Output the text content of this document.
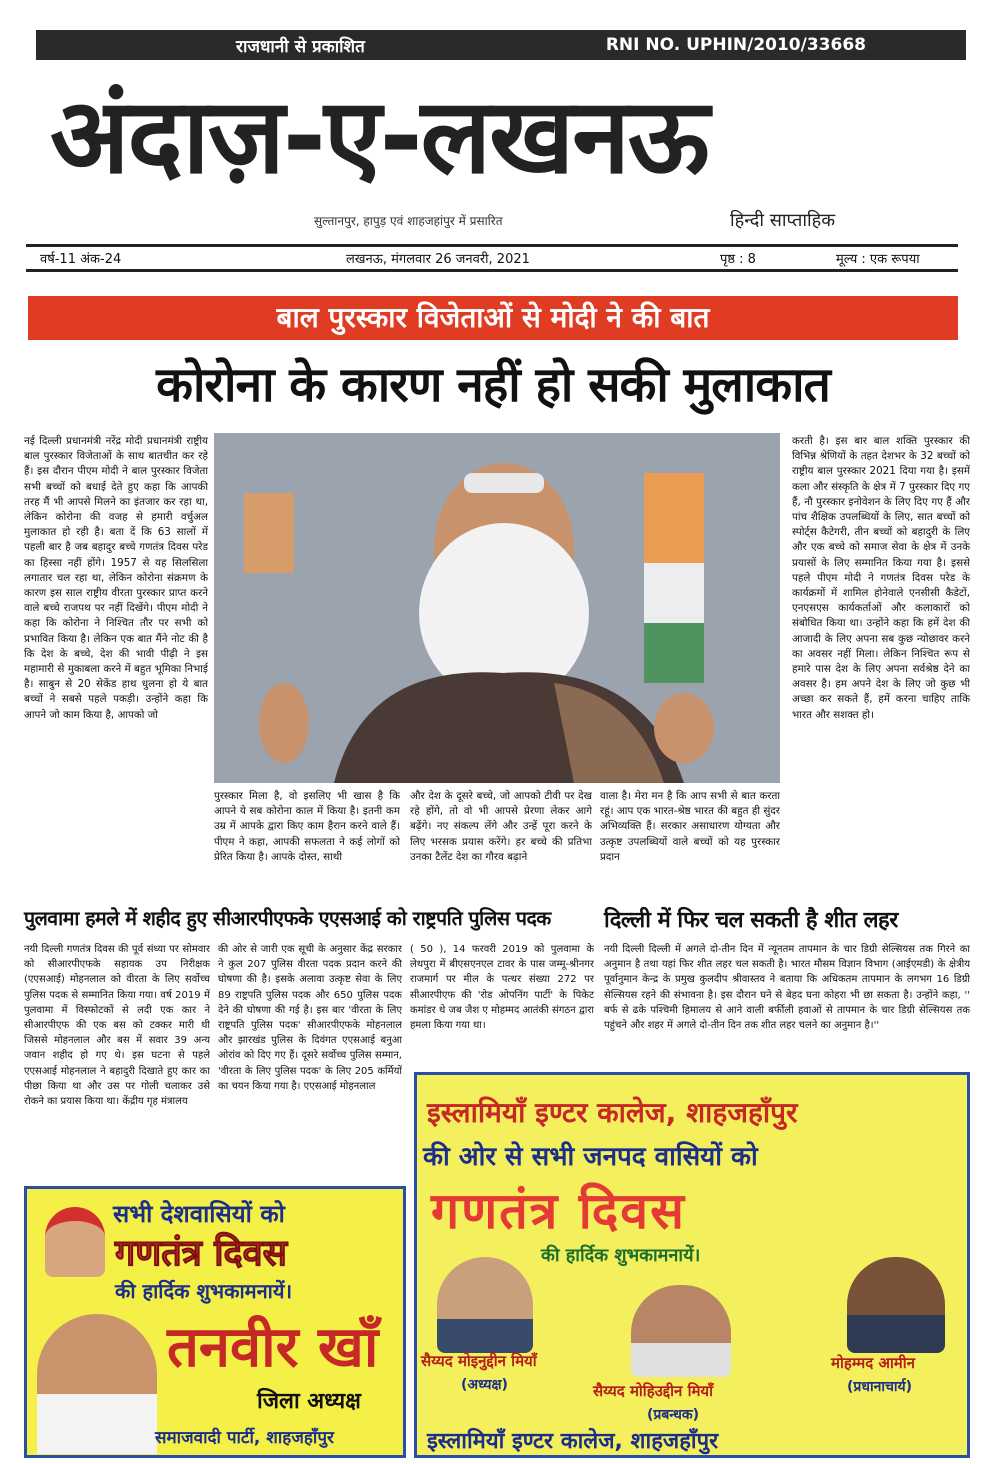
राजधानी से प्रकाशित	RNI NO. UPHIN/2010/33668
अंदाज़-ए-लखनऊ
सुल्तानपुर, हापुड़ एवं शाहजहांपुर में प्रसारित	हिन्दी साप्ताहिक
वर्ष-11 अंक-24	लखनऊ, मंगलवार 26 जनवरी, 2021	पृष्ठ : 8	मूल्य : एक रूपया
बाल पुरस्कार विजेताओं से मोदी ने की बात
कोरोना के कारण नहीं हो सकी मुलाकात
नई दिल्ली प्रधानमंत्री नरेंद्र मोदी प्रधानमंत्री राष्ट्रीय बाल पुरस्कार विजेताओं के साथ बातचीत कर रहे हैं। इस दौरान पीएम मोदी ने बाल पुरस्कार विजेता सभी बच्चों को बधाई देते हुए कहा कि आपकी तरह मैं भी आपसे मिलने का इंतजार कर रहा था, लेकिन कोरोना की वजह से हमारी वर्चुअल मुलाकात हो रही है। बता दें कि 63 सालों में पहली बार है जब बहादुर बच्चे गणतंत्र दिवस परेड का हिस्सा नहीं होंगे। 1957 से यह सिलसिला लगातार चल रहा था, लेकिन कोरोना संक्रमण के कारण इस साल राष्ट्रीय वीरता पुरस्कार प्राप्त करने वाले बच्चे राजपथ पर नहीं दिखेंगे। पीएम मोदी ने कहा कि कोरोना ने निश्चित तौर पर सभी को प्रभावित किया है। लेकिन एक बात मैंने नोट की है कि देश के बच्चे, देश की भावी पीढ़ी ने इस महामारी से मुकाबला करने में बहुत भूमिका निभाई है। साबुन से 20 सेकेंड हाथ धुलना हो ये बात बच्चों ने सबसे पहले पकड़ी। उन्होंने कहा कि आपने जो काम किया है, आपको जो
पुरस्कार मिला है, वो इसलिए भी खास है कि आपने ये सब कोरोना काल में किया है। इतनी कम उम्र में आपके द्वारा किए काम हैरान करने वाले हैं। पीएम ने कहा, आपकी सफलता ने कई लोगों को प्रेरित किया है। आपके दोस्त, साथी
और देश के दूसरे बच्चे, जो आपको टीवी पर देख रहे होंगे, तो वो भी आपसे प्रेरणा लेकर आगे बढ़ेंगे। नए संकल्प लेंगे और उन्हें पूरा करने के लिए भरसक प्रयास करेंगे। हर बच्चे की प्रतिभा उनका टैलेंट देश का गौरव बढ़ाने
वाला है। मेरा मन है कि आप सभी से बात करता रहूं। आप एक भारत-श्रेष्ठ भारत की बहुत ही सुंदर अभिव्यक्ति हैं। सरकार असाधारण योग्यता और उत्कृष्ट उपलब्धियों वाले बच्चों को यह पुरस्कार प्रदान
करती है। इस बार बाल शक्ति पुरस्कार की विभिन्न श्रेणियों के तहत देशभर के 32 बच्चों को राष्ट्रीय बाल पुरस्कार 2021 दिया गया है। इसमें कला और संस्कृति के क्षेत्र में 7 पुरस्कार दिए गए हैं, नौ पुरस्कार इनोवेशन के लिए दिए गए हैं और पांच शैक्षिक उपलब्धियों के लिए, सात बच्चों को स्पोर्ट्स कैटेगरी, तीन बच्चों को बहादुरी के लिए और एक बच्चे को समाज सेवा के क्षेत्र में उनके प्रयासों के लिए सम्मानित किया गया है। इससे पहले पीएम मोदी ने गणतंत्र दिवस परेड के कार्यक्रमों में शामिल होनेवाले एनसीसी कैडेटों, एनएसएस कार्यकर्ताओं और कलाकारों को संबोधित किया था। उन्होंने कहा कि हमें देश की आजादी के लिए अपना सब कुछ न्योछावर करने का अवसर नहीं मिला। लेकिन निश्चित रूप से हमारे पास देश के लिए अपना सर्वश्रेष्ठ देने का अवसर है। हम अपने देश के लिए जो कुछ भी अच्छा कर सकते हैं, हमें करना चाहिए ताकि भारत और सशक्त हो।
पुलवामा हमले में शहीद हुए सीआरपीएफके एएसआई को राष्ट्रपति पुलिस पदक
नयी दिल्ली गणतंत्र दिवस की पूर्व संध्या पर सोमवार को सीआरपीएफके सहायक उप निरीक्षक (एएसआई) मोहनलाल को वीरता के लिए सर्वोच्च पुलिस पदक से सम्मानित किया गया। वर्ष 2019 में पुलवामा में विस्फोटकों से लदी एक कार ने सीआरपीएफ की एक बस को टक्कर मारी थी जिससे मोहनलाल और बस में सवार 39 अन्य जवान शहीद हो गए थे। इस घटना से पहले एएसआई मोहनलाल ने बहादुरी दिखाते हुए कार का पीछा किया था और उस पर गोली चलाकर उसे रोकने का प्रयास किया था। केंद्रीय गृह मंत्रालय
की ओर से जारी एक सूची के अनुसार केंद्र सरकार ने कुल 207 पुलिस वीरता पदक प्रदान करने की घोषणा की है। इसके अलावा उत्कृष्ट सेवा के लिए 89 राष्ट्रपति पुलिस पदक और 650 पुलिस पदक देने की घोषणा की गई है। इस बार 'वीरता के लिए राष्ट्रपति पुलिस पदक' सीआरपीएफके मोहनलाल और झारखंड पुलिस के दिवंगत एएसआई बनुआ ओरांव को दिए गए हैं। दूसरे सर्वोच्च पुलिस सम्मान, 'वीरता के लिए पुलिस पदक' के लिए 205 कर्मियों का चयन किया गया है। एएसआई मोहनलाल
( 50 ), 14 फरवरी 2019 को पुलवामा के लेथपुरा में बीएसएनएल टावर के पास जम्मू-श्रीनगर राजमार्ग पर मील के पत्थर संख्या 272 पर सीआरपीएफ की 'रोड ओपनिंग पार्टी' के पिकेट कमांडर थे जब जैश ए मोहम्मद आतंकी संगठन द्वारा हमला किया गया था।
दिल्ली में फिर चल सकती है शीत लहर
नयी दिल्ली दिल्ली में अगले दो-तीन दिन में न्यूनतम तापमान के चार डिग्री सेल्सियस तक गिरने का अनुमान है तथा यहां फिर शीत लहर चल सकती है। भारत मौसम विज्ञान विभाग (आईएमडी) के क्षेत्रीय पूर्वानुमान केन्द्र के प्रमुख कुलदीप श्रीवास्तव ने बताया कि अधिकतम तापमान के लगभग 16 डिग्री सेल्सियस रहने की संभावना है। इस दौरान घने से बेहद घना कोहरा भी छा सकता है। उन्होंने कहा, '' बर्फ से ढके पश्चिमी हिमालय से आने वाली बर्फीली हवाओं से तापमान के चार डिग्री सेल्सियस तक पहुंचने और शहर में अगले दो-तीन दिन तक शीत लहर चलने का अनुमान है।''
सभी देशवासियों को
गणतंत्र दिवस
की हार्दिक शुभकामनायें।
तनवीर खाँ
जिला अध्यक्ष
समाजवादी पार्टी, शाहजहाँपुर
इस्लामियाँ इण्टर कालेज, शाहजहाँपुर
की ओर से सभी जनपद वासियों को
गणतंत्र दिवस
की हार्दिक शुभकामनायें।
सैय्यद मोइनुद्दीन मियाँ
(अध्यक्ष)	सैय्यद मोहिउद्दीन मियाँ
(प्रबन्धक)
मोहम्मद आमीन
(प्रधानाचार्य)
इस्लामियाँ इण्टर कालेज, शाहजहाँपुर
